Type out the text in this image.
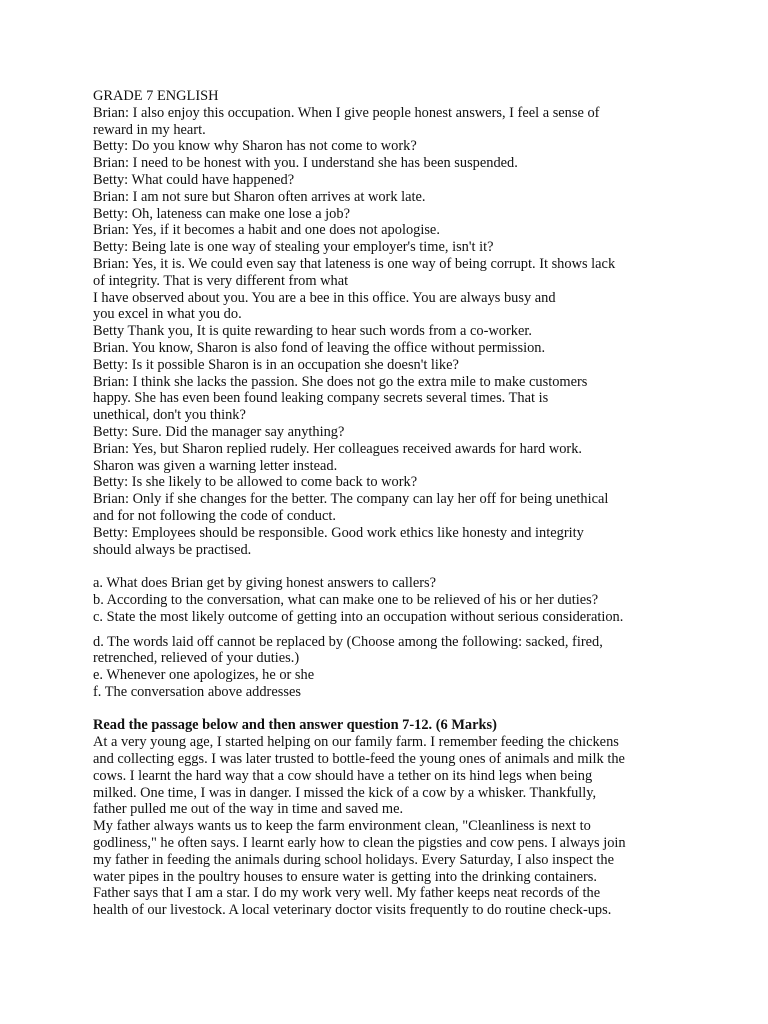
GRADE 7 ENGLISH
Brian: I also enjoy this occupation. When I give people honest answers, I feel a sense of
reward in my heart.
Betty: Do you know why Sharon has not come to work?
Brian: I need to be honest with you. I understand she has been suspended.
Betty: What could have happened?
Brian: I am not sure but Sharon often arrives at work late.
Betty: Oh, lateness can make one lose a job?
Brian: Yes, if it becomes a habit and one does not apologise.
Betty: Being late is one way of stealing your employer's time, isn't it?
Brian: Yes, it is. We could even say that lateness is one way of being corrupt. It shows lack
of integrity. That is very different from what
I have observed about you. You are a bee in this office. You are always busy and
you excel in what you do.
Betty Thank you, It is quite rewarding to hear such words from a co-worker.
Brian. You know, Sharon is also fond of leaving the office without permission.
Betty: Is it possible Sharon is in an occupation she doesn't like?
Brian: I think she lacks the passion. She does not go the extra mile to make customers
happy. She has even been found leaking company secrets several times. That is
unethical, don't you think?
Betty: Sure. Did the manager say anything?
Brian: Yes, but Sharon replied rudely. Her colleagues received awards for hard work.
Sharon was given a warning letter instead.
Betty: Is she likely to be allowed to come back to work?
Brian: Only if she changes for the better. The company can lay her off for being unethical
and for not following the code of conduct.
Betty: Employees should be responsible. Good work ethics like honesty and integrity
should always be practised.
a. What does Brian get by giving honest answers to callers?
b. According to the conversation, what can make one to be relieved of his or her duties?
c. State the most likely outcome of getting into an occupation without serious consideration.
d. The words laid off cannot be replaced by (Choose among the following: sacked, fired,
retrenched, relieved of your duties.)
e. Whenever one apologizes, he or she
f. The conversation above addresses
Read the passage below and then answer question 7-12. (6 Marks)
At a very young age, I started helping on our family farm. I remember feeding the chickens
and collecting eggs. I was later trusted to bottle-feed the young ones of animals and milk the
cows. I learnt the hard way that a cow should have a tether on its hind legs when being
milked. One time, I was in danger. I missed the kick of a cow by a whisker. Thankfully,
father pulled me out of the way in time and saved me.
My father always wants us to keep the farm environment clean, "Cleanliness is next to
godliness," he often says. I learnt early how to clean the pigsties and cow pens. I always join
my father in feeding the animals during school holidays. Every Saturday, I also inspect the
water pipes in the poultry houses to ensure water is getting into the drinking containers.
Father says that I am a star. I do my work very well. My father keeps neat records of the
health of our livestock. A local veterinary doctor visits frequently to do routine check-ups.
